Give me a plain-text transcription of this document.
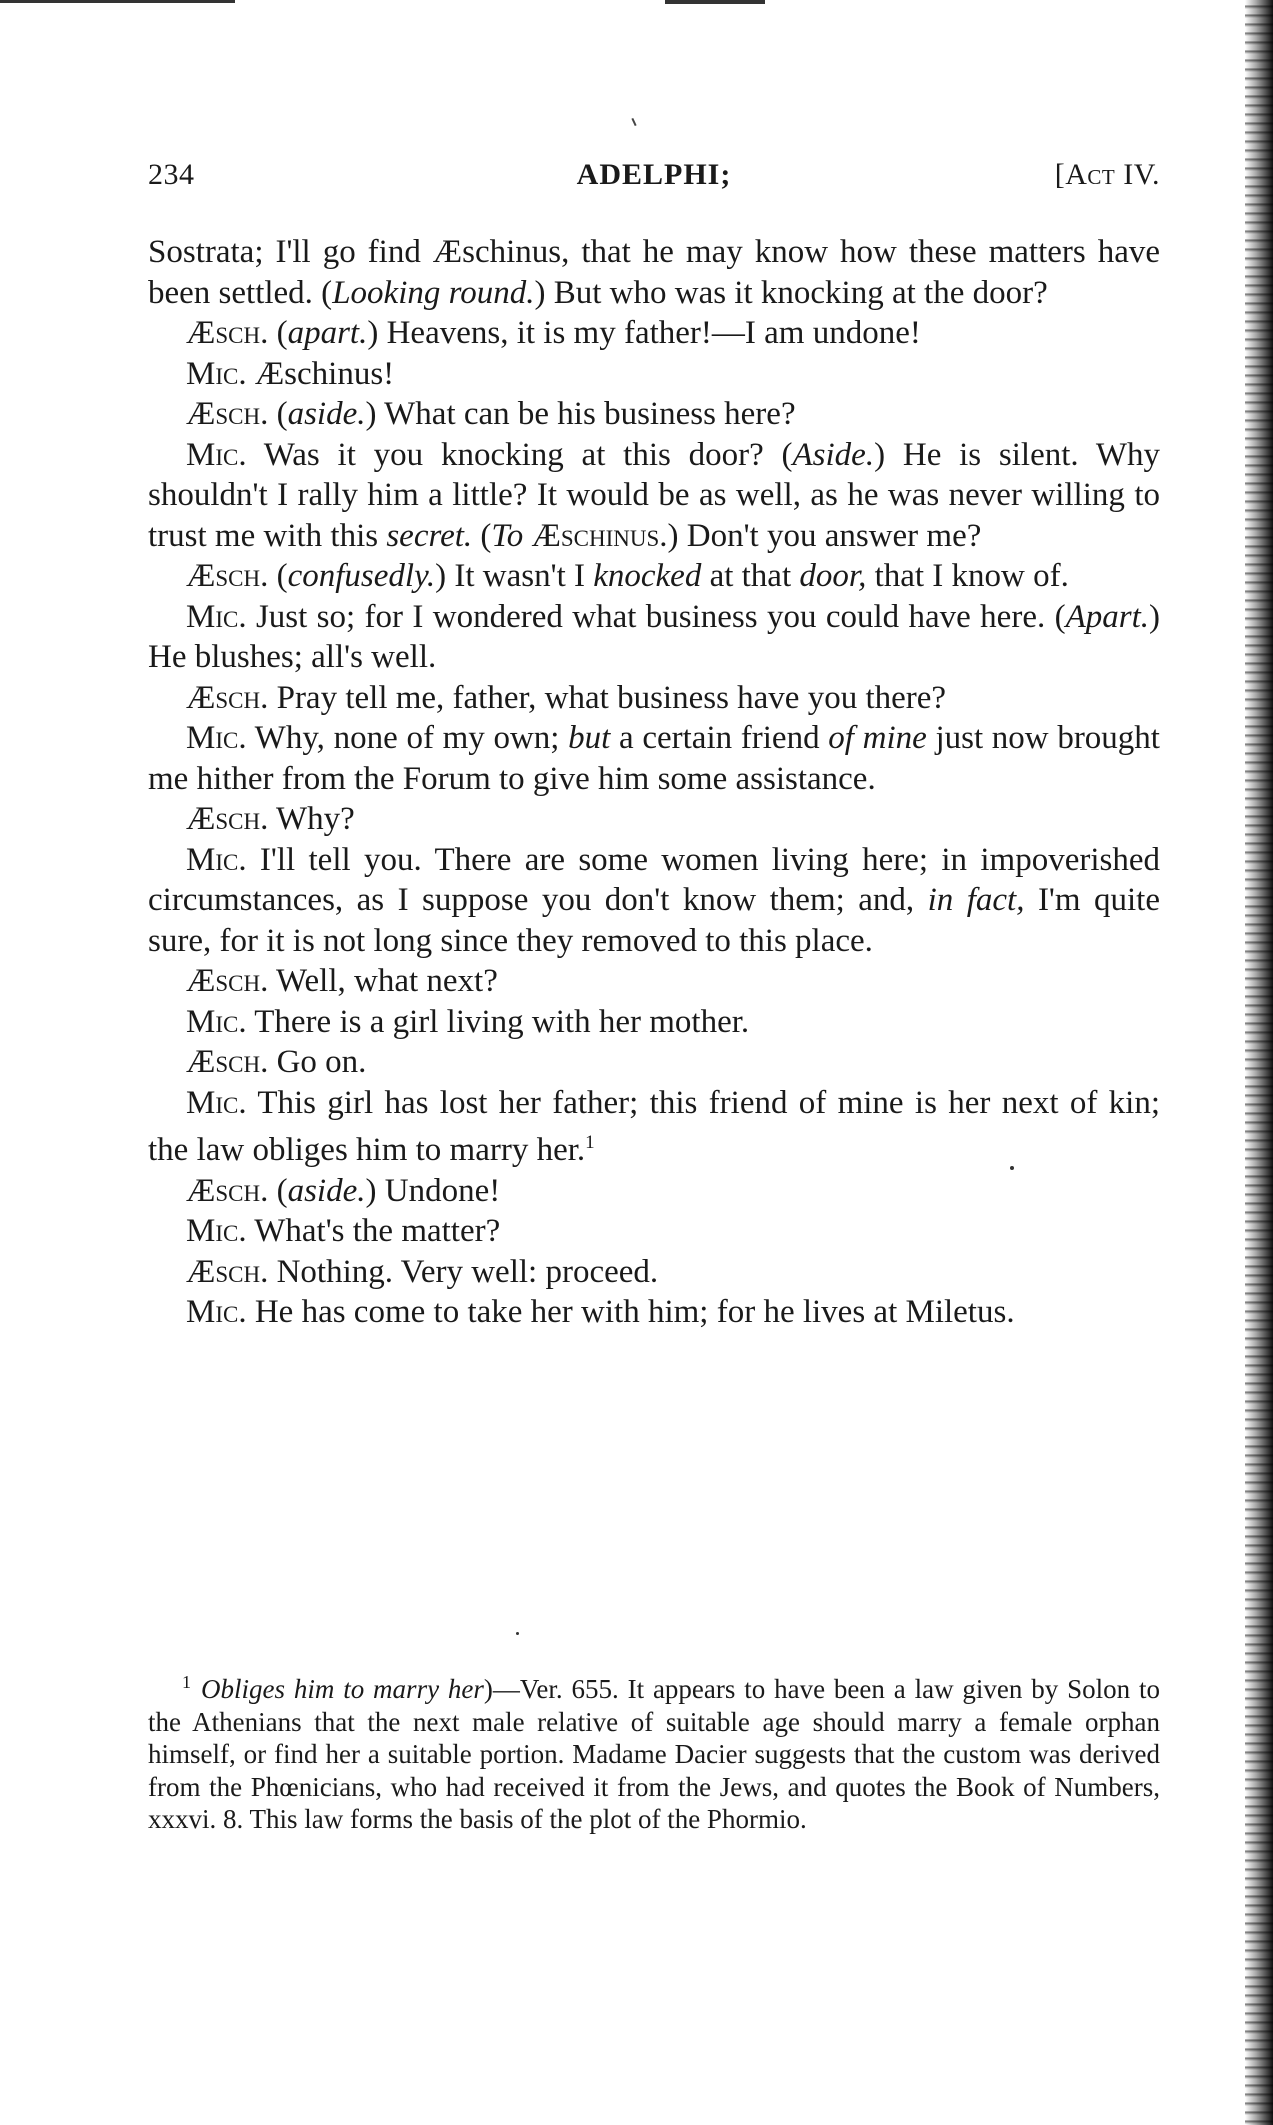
234	ADELPHI;	[Act IV.

Sostrata; I'll go find Æschinus, that he may know how these matters have been settled. (Looking round.) But who was it knocking at the door?

Æsch. (apart.) Heavens, it is my father!—I am undone!

Mic. Æschinus!

Æsch. (aside.) What can be his business here?

Mic. Was it you knocking at this door? (Aside.) He is silent. Why shouldn't I rally him a little? It would be as well, as he was never willing to trust me with this secret. (To Æschinus.) Don't you answer me?

Æsch. (confusedly.) It wasn't I knocked at that door, that I know of.

Mic. Just so; for I wondered what business you could have here. (Apart.) He blushes; all's well.

Æsch. Pray tell me, father, what business have you there?

Mic. Why, none of my own; but a certain friend of mine just now brought me hither from the Forum to give him some assistance.

Æsch. Why?

Mic. I'll tell you. There are some women living here; in impoverished circumstances, as I suppose you don't know them; and, in fact, I'm quite sure, for it is not long since they removed to this place.

Æsch. Well, what next?

Mic. There is a girl living with her mother.

Æsch. Go on.

Mic. This girl has lost her father; this friend of mine is her next of kin; the law obliges him to marry her.$^1$

Æsch. (aside.) Undone!

Mic. What's the matter?

Æsch. Nothing. Very well: proceed.

Mic. He has come to take her with him; for he lives at Miletus.

$^1$ Obliges him to marry her)—Ver. 655. It appears to have been a law given by Solon to the Athenians that the next male relative of suitable age should marry a female orphan himself, or find her a suitable portion. Madame Dacier suggests that the custom was derived from the Phœnicians, who had received it from the Jews, and quotes the Book of Numbers, xxxvi. 8. This law forms the basis of the plot of the Phormio.
